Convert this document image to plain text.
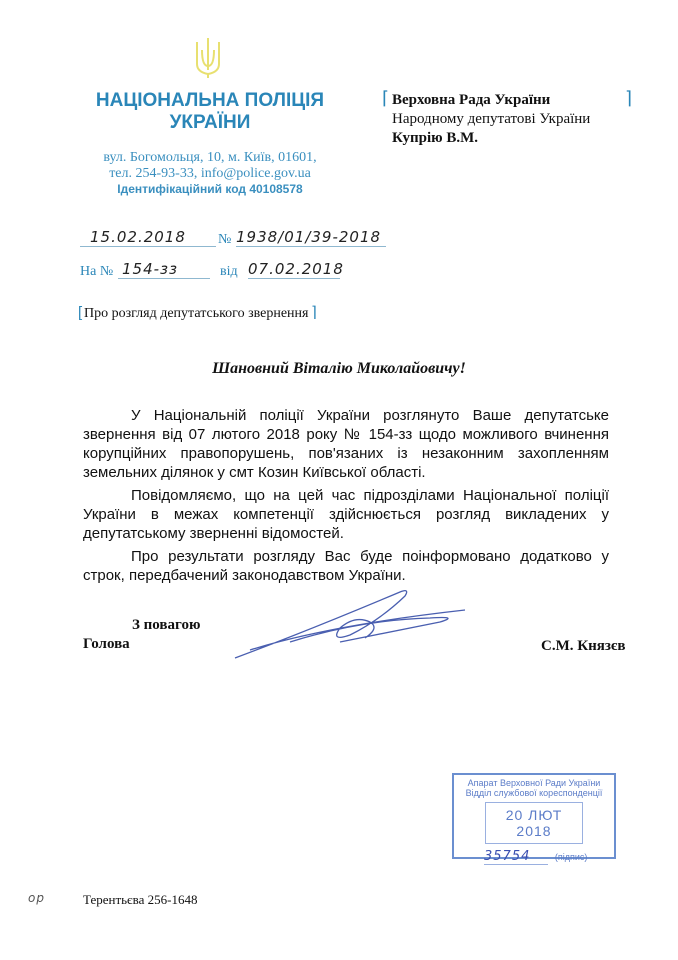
НАЦІОНАЛЬНА ПОЛІЦІЯ
УКРАЇНИ
вул. Богомольця, 10, м. Київ, 01601,
тел. 254-93-33, info@police.gov.ua
Ідентифікаційний код 40108578
⌈	⌉
Верховна Рада України
Народному депутатові України
Купрію В.М.
15.02.2018	№ 1938/01/39-2018
На № 154-зз	від 07.02.2018
[ Про розгляд депутатського звернення ⌉
Шановний Віталію Миколайовичу!

У Національній поліції України розглянуто Ваше депутатське звернення від 07 лютого 2018 року № 154-зз щодо можливого вчинення корупційних правопорушень, пов'язаних із незаконним захопленням земельних ділянок у смт Козин Київської області.

Повідомляємо, що на цей час підрозділами Національної поліції України в межах компетенції здійснюється розгляд викладених у депутатському зверненні відомостей.

Про результати розгляду Вас буде поінформовано додатково у строк, передбачений законодавством України.

З повагою
Голова	С.М. Князєв
Апарат Верховної Ради України
Відділ службової кореспонденції
20 ЛЮТ 2018
35754	(підпис)
ор	Терентьєва 256-1648
